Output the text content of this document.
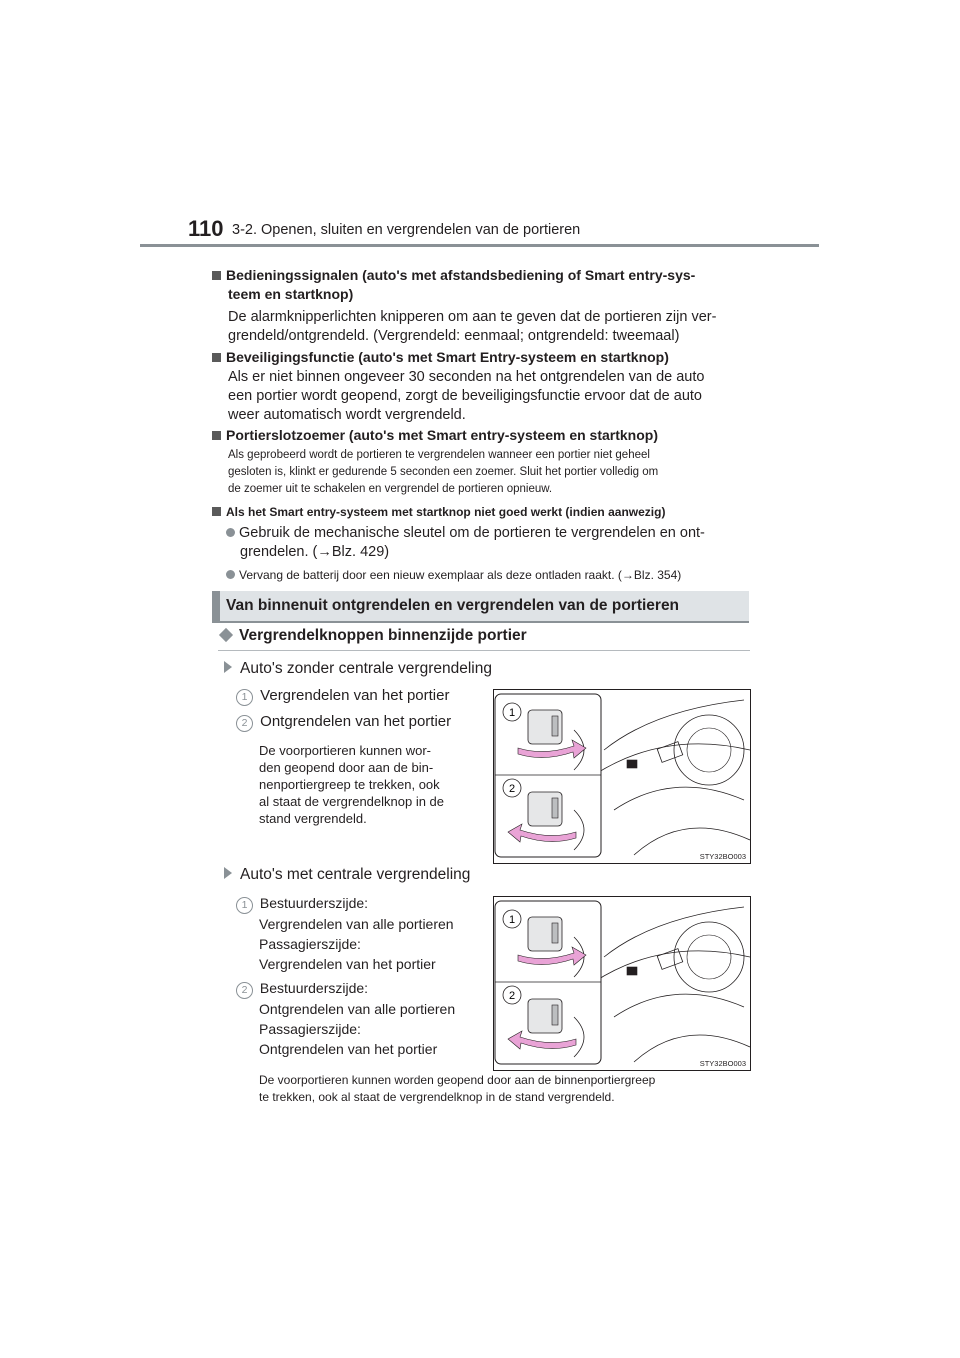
110 3-2. Openen, sluiten en vergrendelen van de portieren
Bedieningssignalen (auto's met afstandsbediening of Smart entry-sys-
teem en startknop)
De alarmknipperlichten knipperen om aan te geven dat de portieren zijn ver-
grendeld/ontgrendeld. (Vergrendeld: eenmaal; ontgrendeld: tweemaal)
Beveiligingsfunctie (auto's met Smart Entry-systeem en startknop)
Als er niet binnen ongeveer 30 seconden na het ontgrendelen van de auto
een portier wordt geopend, zorgt de beveiligingsfunctie ervoor dat de auto
weer automatisch wordt vergrendeld.
Portierslotzoemer (auto's met Smart entry-systeem en startknop)
Als geprobeerd wordt de portieren te vergrendelen wanneer een portier niet geheel
gesloten is, klinkt er gedurende 5 seconden een zoemer. Sluit het portier volledig om
de zoemer uit te schakelen en vergrendel de portieren opnieuw.
Als het Smart entry-systeem met startknop niet goed werkt (indien aanwezig)
Gebruik de mechanische sleutel om de portieren te vergrendelen en ont-
grendelen. (→Blz. 429)
Vervang de batterij door een nieuw exemplaar als deze ontladen raakt. (→Blz. 354)
Van binnenuit ontgrendelen en vergrendelen van de portieren
Vergrendelknoppen binnenzijde portier
Auto's zonder centrale vergrendeling
1 Vergrendelen van het portier
2 Ontgrendelen van het portier
De voorportieren kunnen wor-
den geopend door aan de bin-
nenportiergreep te trekken, ook
al staat de vergrendelknop in de
stand vergrendeld.
1
2
STY32BO003
Auto's met centrale vergrendeling
1 Bestuurderszijde:
Vergrendelen van alle portieren
Passagierszijde:
Vergrendelen van het portier
2 Bestuurderszijde:
Ontgrendelen van alle portieren
Passagierszijde:
Ontgrendelen van het portier
1
2
STY32BO003
De voorportieren kunnen worden geopend door aan de binnenportiergreep
te trekken, ook al staat de vergrendelknop in de stand vergrendeld.
